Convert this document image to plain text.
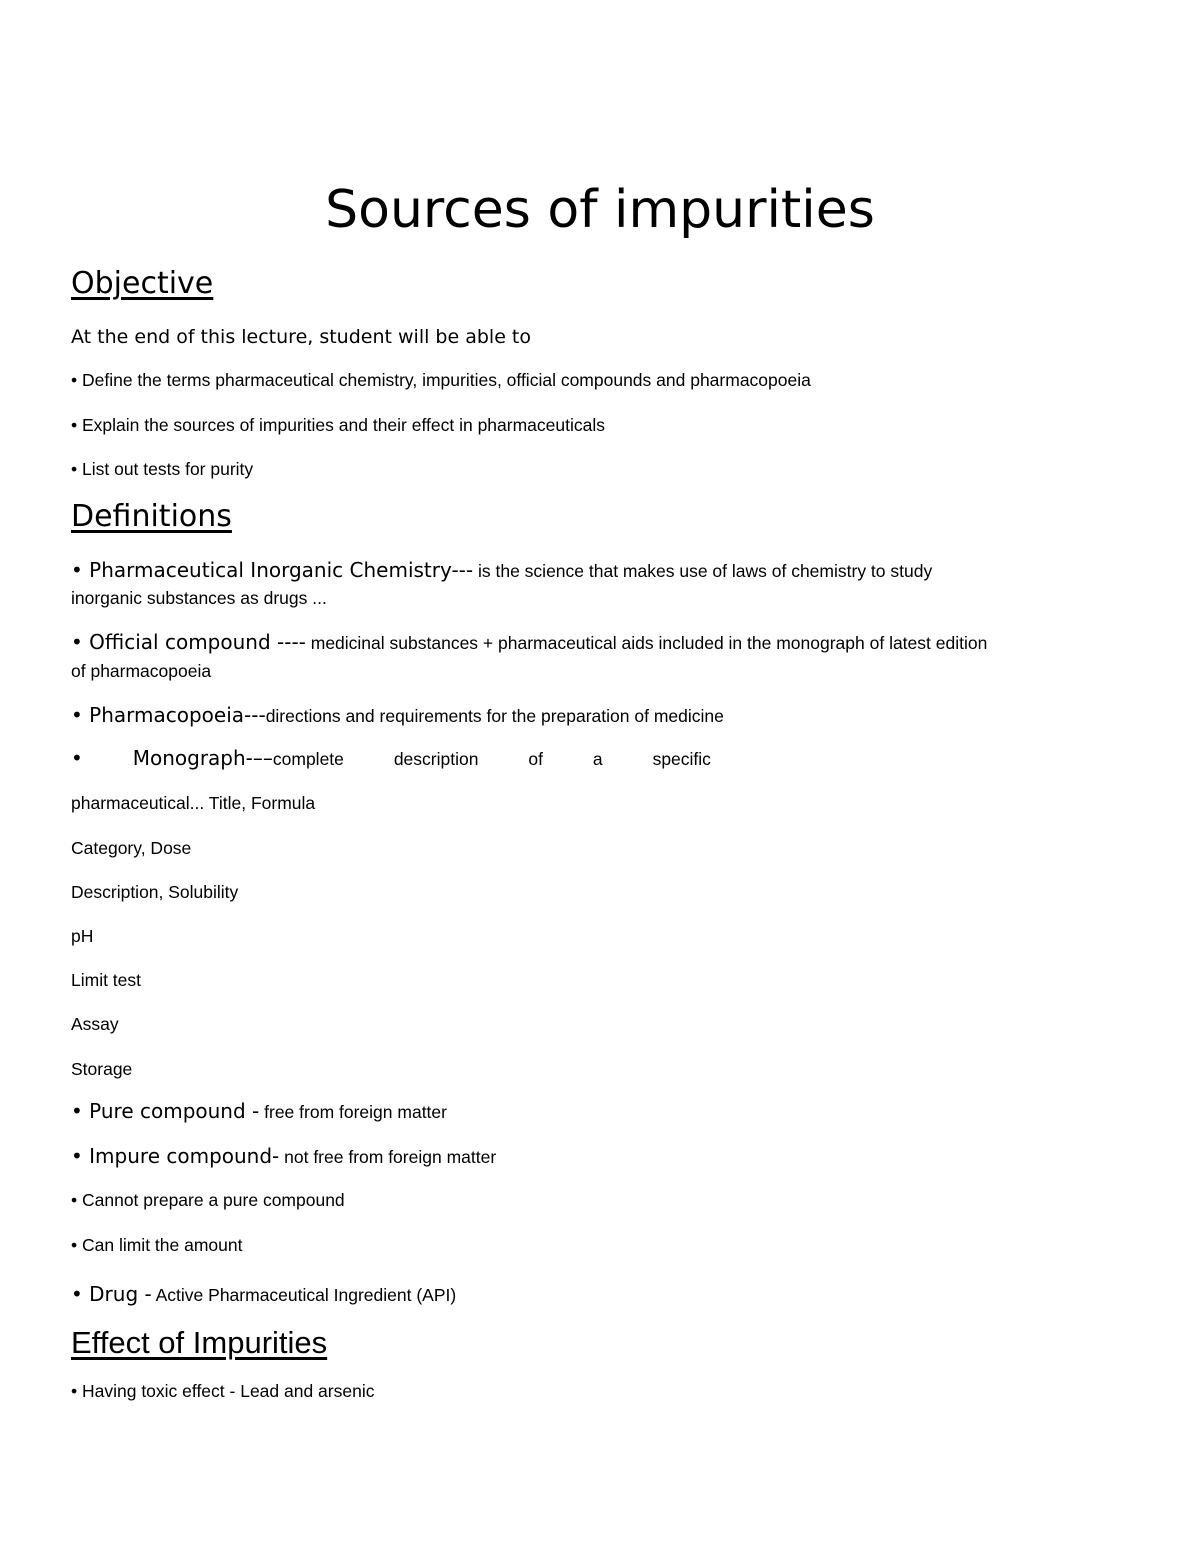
Sources of impurities
Objective
At the end of this lecture, student will be able to
• Define the terms pharmaceutical chemistry, impurities, official compounds and pharmacopoeia
• Explain the sources of impurities and their effect in pharmaceuticals
• List out tests for purity
Definitions
• Pharmaceutical Inorganic Chemistry--- is the science that makes use of laws of chemistry to study
inorganic substances as drugs ...
• Official compound ---- medicinal substances + pharmaceutical aids included in the monograph of latest edition
of pharmacopoeia
• Pharmacopoeia---directions and requirements for the preparation of medicine
• Monograph-––complete	description	of	a	specific
pharmaceutical... Title, Formula
Category, Dose
Description, Solubility
pH
Limit test
Assay
Storage
• Pure compound - free from foreign matter
• Impure compound- not free from foreign matter
• Cannot prepare a pure compound
• Can limit the amount
• Drug - Active Pharmaceutical Ingredient (API)
Effect of Impurities
• Having toxic effect - Lead and arsenic
